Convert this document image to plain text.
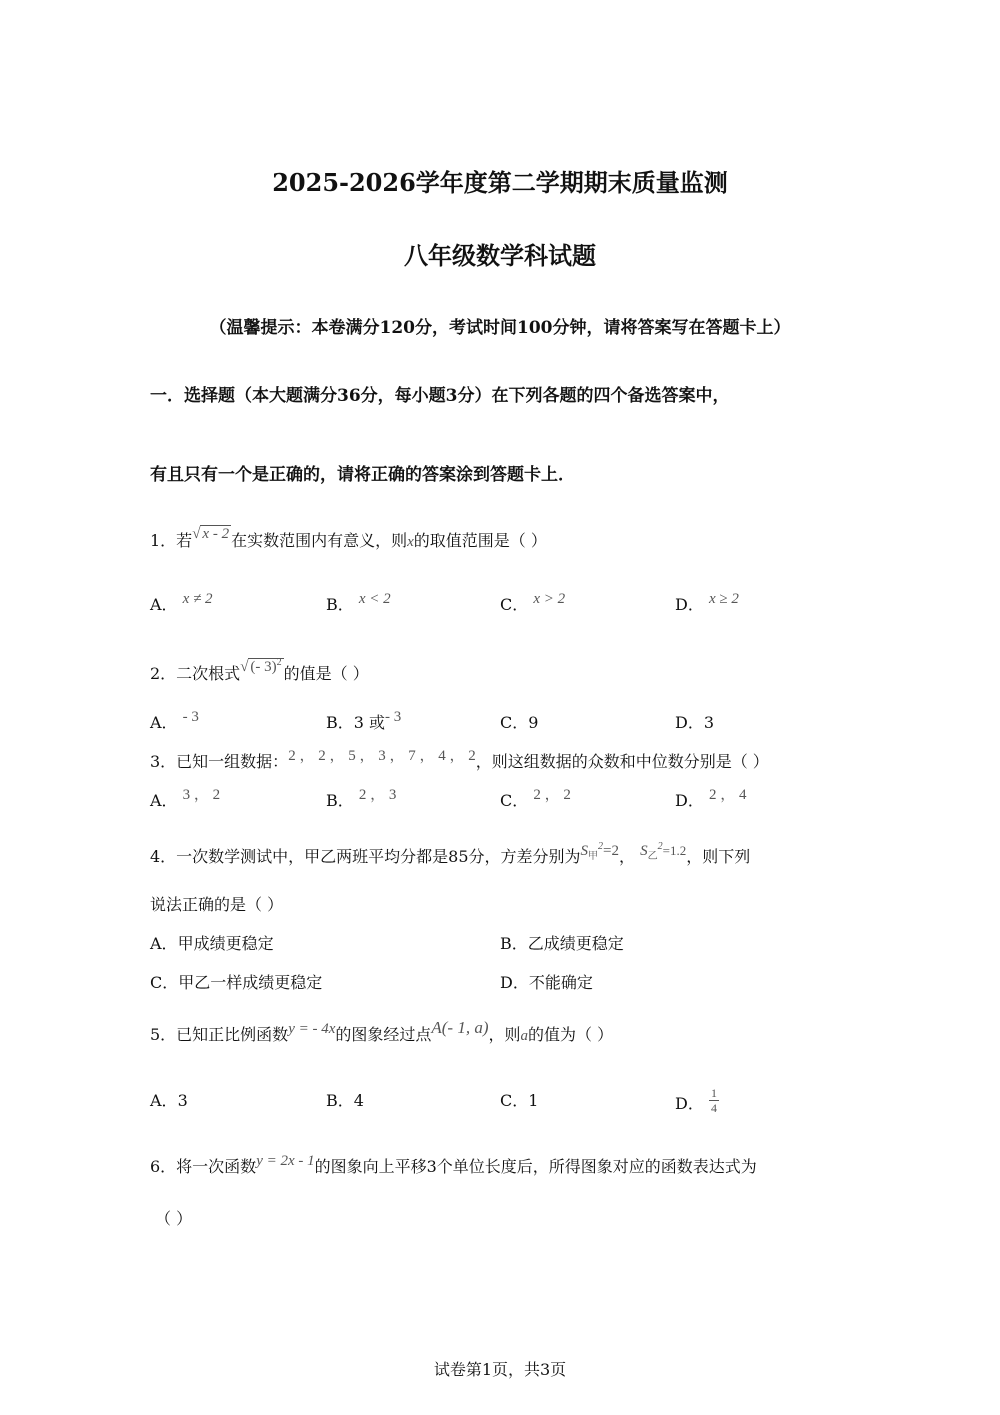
2025-2026学年度第二学期期末质量监测
八年级数学科试题
（温馨提示：本卷满分120分，考试时间100分钟，请将答案写在答题卡上）
一．选择题（本大题满分36分，每小题3分）在下列各题的四个备选答案中，
有且只有一个是正确的，请将正确的答案涂到答题卡上．
1．若√ x - 2 在实数范围内有意义，则x的取值范围是（ ）
A． x ≠ 2	B． x < 2	C． x > 2	D． x ≥ 2
2．二次根式√ (- 3)$^2$的值是（ ）
A． - 3	B．3 或- 3	C．9	D．3
3．已知一组数据：2 ， 2 ， 5 ， 3 ， 7 ， 4 ， 2，则这组数据的众数和中位数分别是（ ）
A． 3 ， 2	B． 2 ， 3	C． 2 ， 2	D． 2 ， 4
4．一次数学测试中，甲乙两班平均分都是85分，方差分别为$S_甲^2=2$， $S_乙^2=1.2$，则下列
说法正确的是（ ）
A．甲成绩更稳定	B．乙成绩更稳定
C．甲乙一样成绩更稳定	D．不能确定
5．已知正比例函数y = - 4x的图象经过点A(- 1, a)，则a的值为（ ）
A．3	B．4	C．1	D． $\frac{1}{4}$
6．将一次函数y = 2x - 1的图象向上平移3个单位长度后，所得图象对应的函数表达式为
（ ）
试卷第1页，共3页
